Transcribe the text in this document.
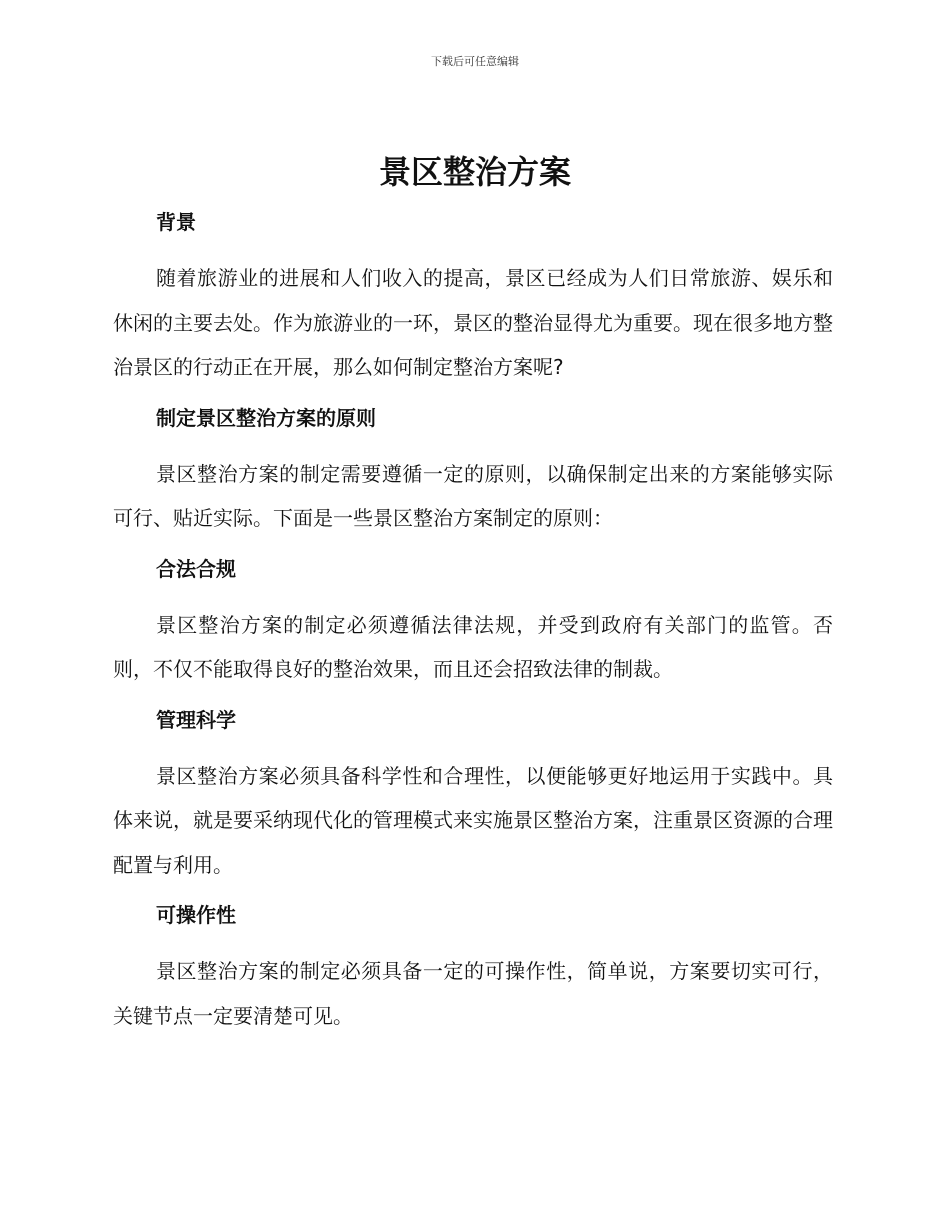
下载后可任意编辑
景区整治方案
背景

随着旅游业的进展和人们收入的提高，景区已经成为人们日常旅游、娱乐和休闲的主要去处。作为旅游业的一环，景区的整治显得尤为重要。现在很多地方整治景区的行动正在开展，那么如何制定整治方案呢?

制定景区整治方案的原则

景区整治方案的制定需要遵循一定的原则，以确保制定出来的方案能够实际可行、贴近实际。下面是一些景区整治方案制定的原则：

合法合规

景区整治方案的制定必须遵循法律法规，并受到政府有关部门的监管。否则，不仅不能取得良好的整治效果，而且还会招致法律的制裁。

管理科学

景区整治方案必须具备科学性和合理性，以便能够更好地运用于实践中。具体来说，就是要采纳现代化的管理模式来实施景区整治方案，注重景区资源的合理配置与利用。

可操作性

景区整治方案的制定必须具备一定的可操作性，简单说，方案要切实可行，关键节点一定要清楚可见。
